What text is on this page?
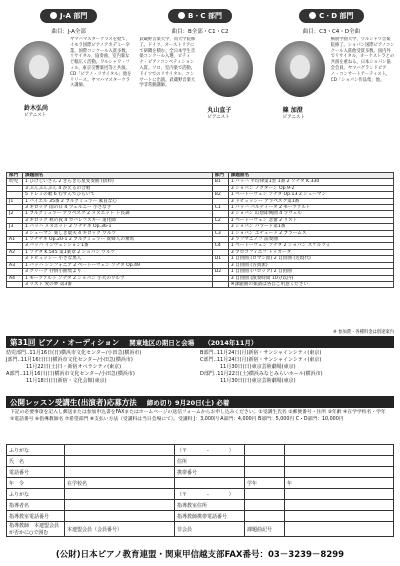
J-A 部門
曲目：J-A全部
鈴木弘尚
ピアニスト
ヤマハマスタークラスを経て、イモラ国際ピアノアカデミー卒業。国際コンクール入賞多数。リサイタル、協奏曲、室内楽など幅広く活動。ワルシャワ・フィル、東京交響楽団等と共演。CD「ピアノ・リサイタル」他をリリース。ヤマハマスタークラス講師。
B・C 部門
曲目：B全部・C1・C2
武蔵野音楽大学、同大学院修了。ドイツ、オーストリアにて研鑽を積む。全日本学生音楽コンクール入選、ピティナ・ピアノコンペティション入賞。ソロ、室内楽で活動。ドイツでのリサイタル、コンサートに出演。武蔵野音楽大学非常勤講師。
丸山直子
ピアニスト
C・D 部門
曲目：C3・C4・D全曲
篠 加澄
ピアニスト
桐朋学園大学、ワルシャワ音楽院修了。ショパン国際ピアノコンクール入賞他受賞多数。国内外でリサイタル、オーケストラとの共演を重ねる。日本ショパン協会会員。ヤマハグランドピアノ・コンサートアーティスト。CD「ショパン作品集」他。
部門	課題曲名	部門	課題曲名
幼児	1 ひげじいさん 2 きらきら星変奏曲 (抜粋)	B1	1 バッハ 平均律第1巻 1番 2 ソナタ K.330
	3 ぶんぶんぶん 4 かえるの合唱		3 ショパン ノクターン Op.9-2
	5 ドレミの歌 6 むすんでひらいて	B2	1 ベートーヴェン ソナタ Op.13 2 シューマン
J1	1 バイエル 35番 2 ブルグミュラー 素直な心		3 ドビュッシー アラベスク第1番
	3 ギロック 雨の日 4 ツェルニー 小さな手	C1	1 バッハ パルティータ 2 モーツァルト
J2	1 ブルグミュラー アラベスク 2 メヌエット ト長調		3 ショパン 幻想即興曲 4 ラヴェル
	3 ギロック 秋の夜 4 カバレフスキー 道化師	C2	1 ベートーヴェン 悲愴 2 リスト
J3	1 バッハ メヌエット 2 ソナチネ Op.36-1		3 ショパン バラード第1番
	3 シューマン 楽しき農夫 4 ギロック ワルツ	C3	1 ショパン エチュード 2 ブラームス
A1	1 ソナチネ Op.20-1 2 ブルグミュラー 貴婦人の乗馬		3 ラフマニノフ 前奏曲
	3 バッハ インヴェンション1番	C4	1 ベートーヴェン ソナタ 2 ショパン スケルツォ
A2	1 ソナタ K.545 第1楽章 2 ショパン ワルツ		3 プロコフィエフ トッカータ
	3 ドビュッシー 小さな黒人	D1	1 自由曲 (ロマン派) 2 自由曲 (近現代)
A3	1 バッハ シンフォニア 2 ベートーヴェン ソナタ Op.49		3 自由曲 (古典派)
	3 グリーグ 抒情小曲集より	D2	1 自由曲 (バロック) 2 自由曲
A4	1 モーツァルト ソナタ 2 ショパン 小犬のワルツ		3 自由曲 (演奏時間 10分以内)
	3 リスト 愛の夢 第3番		※課題曲の楽譜は各自ご用意ください
※ 参加費・各種料金は別途案内
第31回 ピアノ・オーディション 関東地区の期日と会場 （2014年11月）
幼児部門‥11月16日(日)横浜市文化センター/小田急(横浜市)
J部門‥11月16日(日)横浜市文化センター/小田急(横浜市)
　　　　11月22日(土)日・新宿オペラシティ(東京)
A部門‥11月16日(日)横浜市文化センター/小田急(横浜市)
　　　　11月18日(日)新宿・文化会館(東京)
B部門‥11月24日(月)新宿・サンシャインシティ(東京)
C部門‥11月24日(月)新宿・サンシャインシティ(東京)
　　　　11月30日(日)東京芸術劇場(東京)
D部門‥11月22日(土)横浜みなとみらいホール(横浜市)
　　　　11月30日(日)東京芸術劇場(東京)
公開レッスン受講生(出演者)応募方法 締め切り 9月20日(土) 必着
下記の必要事項を記入し郵送または参加申込書をFAXまたはホームページの送信フォームからお申し込みください。①受講生氏名 ②郵便番号・住所 ③年齢 ④在学学校名・学年 ⑤電話番号 ⑥指導教師名 ⑦希望部門 ⑧支払い方法（受講料は当日会場にて）。受講料 J：3,000円 A部門：4,000円 B部門：5,000円 C・D部門：10,000円
ふりがな		（〒　　　　-　　　　）		
氏　名		住所		
電話番号		携帯番号		
年　令	在学校名		学年	年
ふりがな		（〒　　　　-　　　　）		
指導者名		指導教室住所		
指導教室電話番号		指導教師携帯電話番号		
指導教師　本連盟会員が否かに○で囲む	本連盟会員（会員番号）	非会員	課題曲記号	
(公財)日本ピアノ教育連盟・関東甲信越支部FAX番号：03－3239－8299
